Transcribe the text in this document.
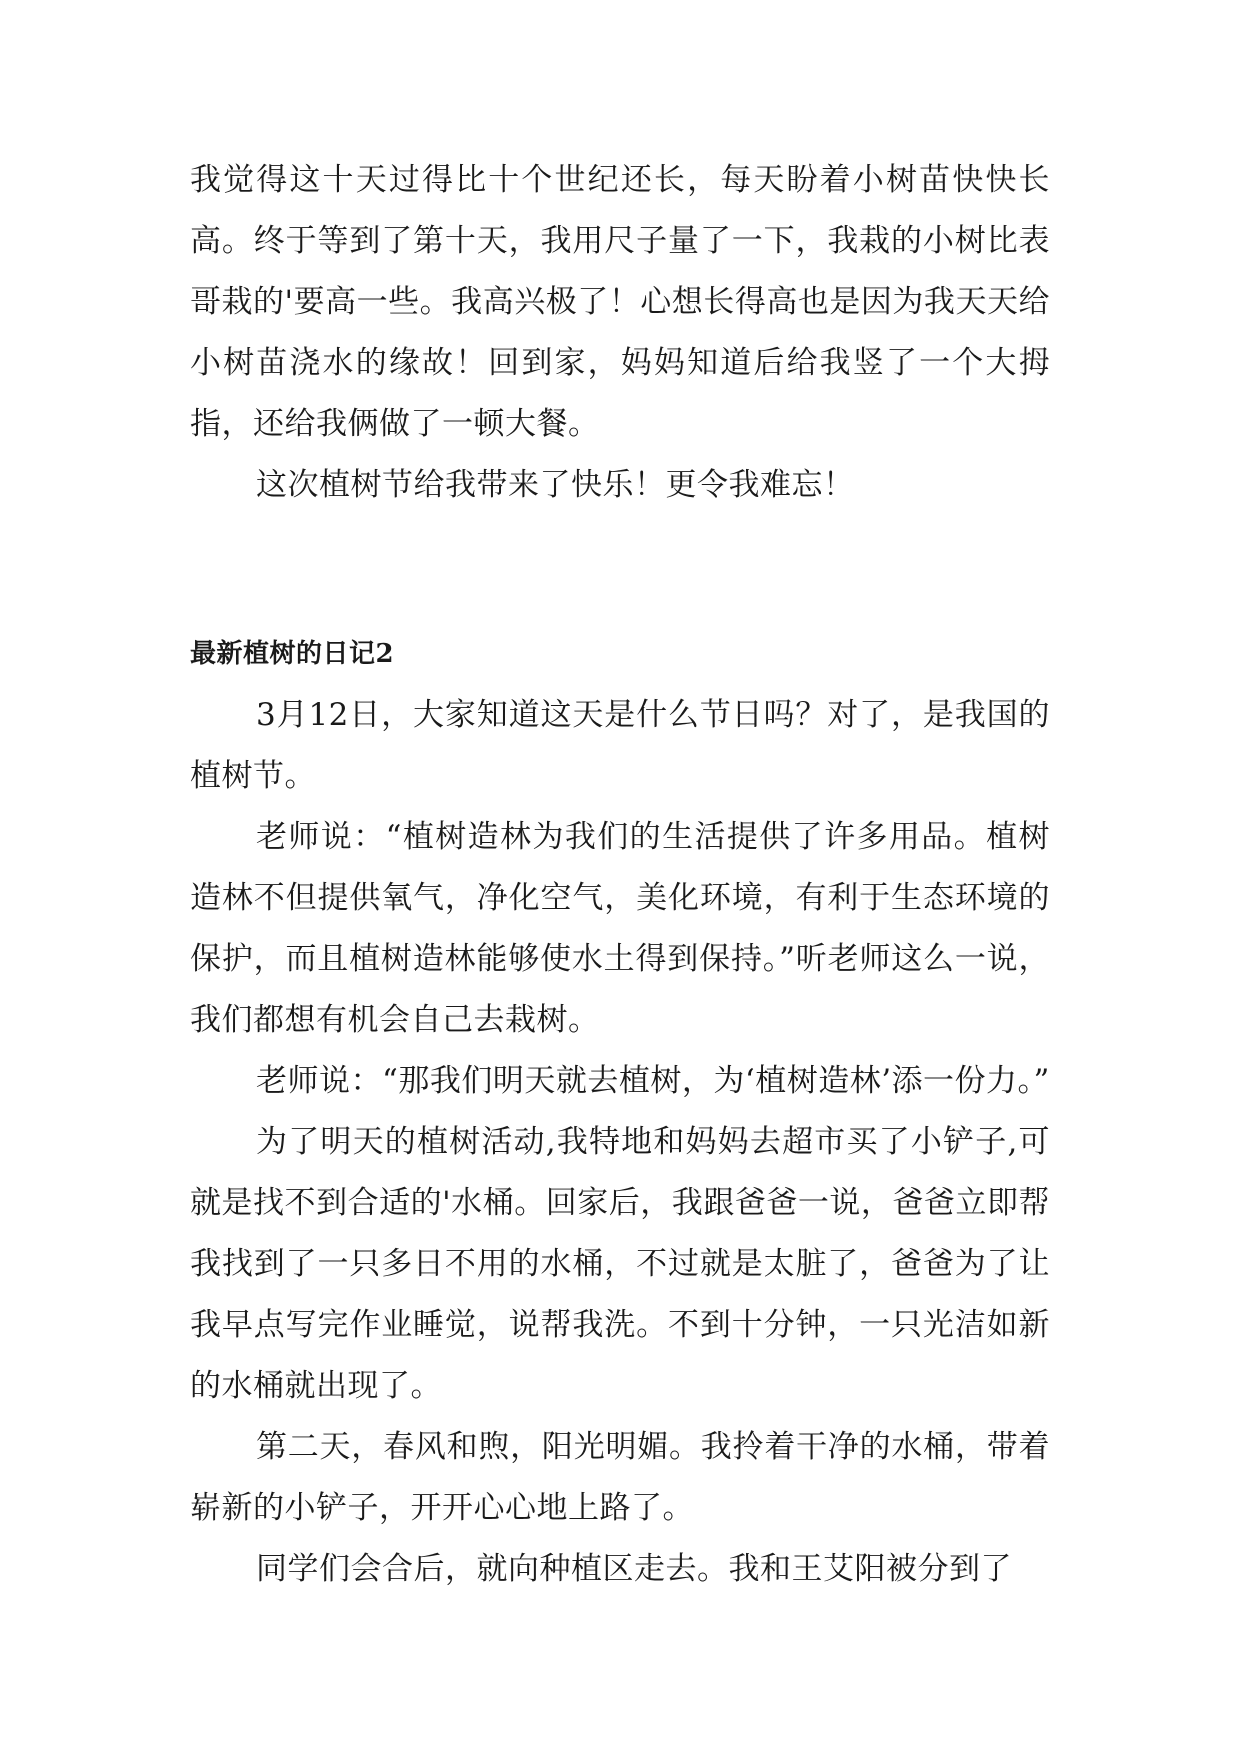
我觉得这十天过得比十个世纪还长，每天盼着小树苗快快长高。终于等到了第十天，我用尺子量了一下，我栽的小树比表哥栽的'要高一些。我高兴极了！心想长得高也是因为我天天给小树苗浇水的缘故！回到家，妈妈知道后给我竖了一个大拇指，还给我俩做了一顿大餐。

这次植树节给我带来了快乐！更令我难忘！

最新植树的日记2

3月12日，大家知道这天是什么节日吗？对了，是我国的植树节。

老师说：“植树造林为我们的生活提供了许多用品。植树造林不但提供氧气，净化空气，美化环境，有利于生态环境的保护，而且植树造林能够使水土得到保持。”听老师这么一说，我们都想有机会自己去栽树。

老师说：“那我们明天就去植树，为‘植树造林’添一份力。”

为了明天的植树活动,我特地和妈妈去超市买了小铲子,可就是找不到合适的'水桶。回家后，我跟爸爸一说，爸爸立即帮我找到了一只多日不用的水桶，不过就是太脏了，爸爸为了让我早点写完作业睡觉，说帮我洗。不到十分钟，一只光洁如新的水桶就出现了。

第二天，春风和煦，阳光明媚。我拎着干净的水桶，带着崭新的小铲子，开开心心地上路了。

同学们会合后，就向种植区走去。我和王艾阳被分到了
